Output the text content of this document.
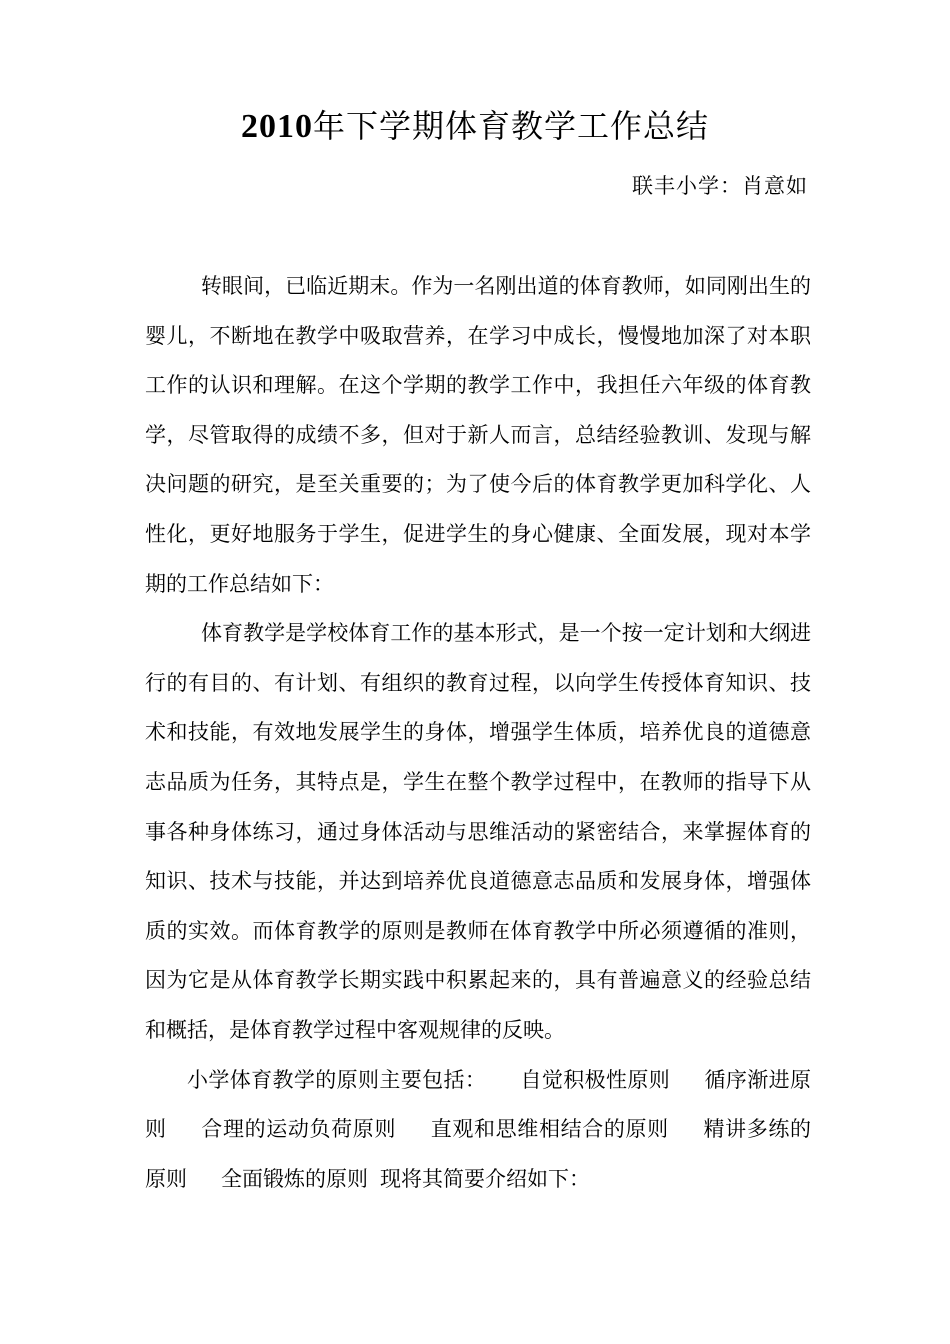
2010年下学期体育教学工作总结
联丰小学：肖意如

转眼间，已临近期末。作为一名刚出道的体育教师，如同刚出生的婴儿，不断地在教学中吸取营养，在学习中成长，慢慢地加深了对本职工作的认识和理解。在这个学期的教学工作中，我担任六年级的体育教学，尽管取得的成绩不多，但对于新人而言，总结经验教训、发现与解决问题的研究，是至关重要的；为了使今后的体育教学更加科学化、人性化，更好地服务于学生，促进学生的身心健康、全面发展，现对本学期的工作总结如下：

体育教学是学校体育工作的基本形式，是一个按一定计划和大纲进行的有目的、有计划、有组织的教育过程，以向学生传授体育知识、技术和技能，有效地发展学生的身体，增强学生体质，培养优良的道德意志品质为任务，其特点是，学生在整个教学过程中，在教师的指导下从事各种身体练习，通过身体活动与思维活动的紧密结合，来掌握体育的知识、技术与技能，并达到培养优良道德意志品质和发展身体，增强体质的实效。而体育教学的原则是教师在体育教学中所必须遵循的准则，因为它是从体育教学长期实践中积累起来的，具有普遍意义的经验总结和概括，是体育教学过程中客观规律的反映。

小学体育教学的原则主要包括： 自觉积极性原则 循序渐进原则 合理的运动负荷原则 直观和思维相结合的原则 精讲多练的原则 全面锻炼的原则 现将其简要介绍如下：
